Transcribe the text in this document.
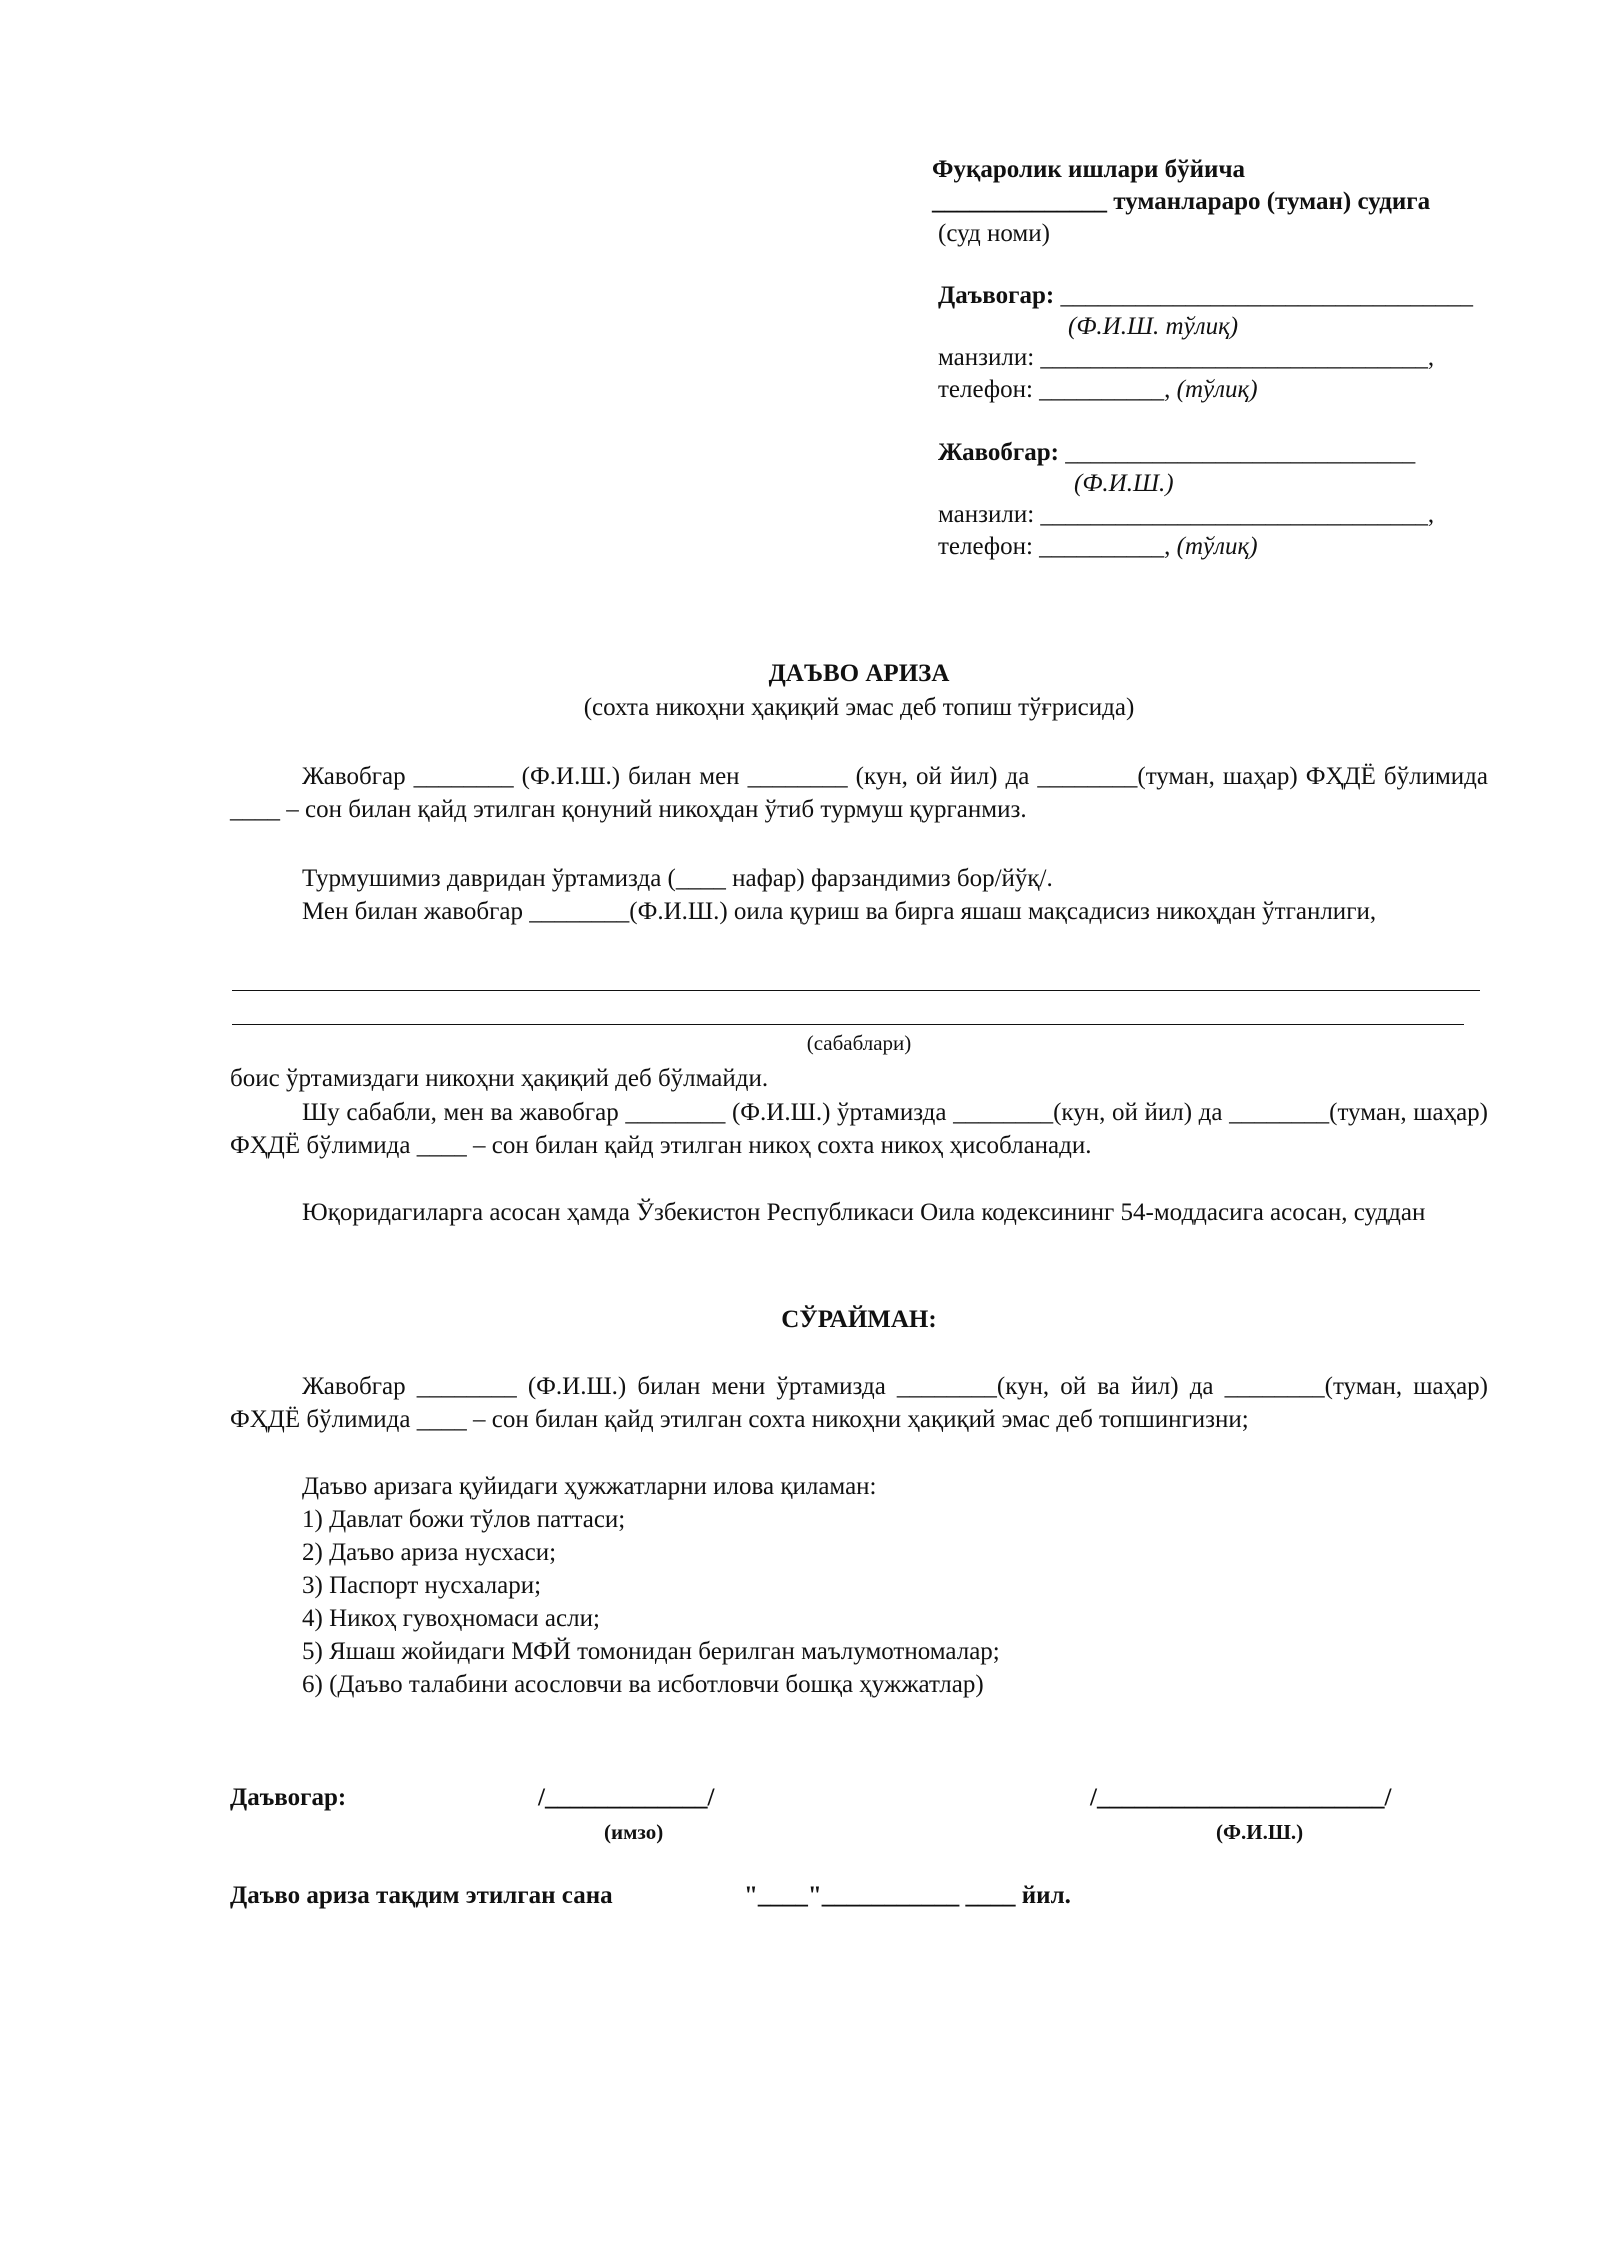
Фуқаролик ишлари бўйича
______________ туманлараро (туман) судига
(суд номи)
Даъвогар: _________________________________
(Ф.И.Ш. тўлиқ)
манзили: _______________________________,
телефон: __________, (тўлиқ)
Жавобгар: ____________________________
(Ф.И.Ш.)
манзили: _______________________________,
телефон: __________, (тўлиқ)
ДАЪВО АРИЗА
(сохта никоҳни ҳақиқий эмас деб топиш тўғрисида)
Жавобгар ________ (Ф.И.Ш.) билан мен ________ (кун, ой йил) да ________(туман, шаҳар) ФҲДЁ бўлимида ____ – сон билан қайд этилган қонуний никоҳдан ўтиб турмуш қурганмиз.
Турмушимиз давридан ўртамизда (____ нафар) фарзандимиз бор/йўқ/.
Мен билан жавобгар ________(Ф.И.Ш.) оила қуриш ва бирга яшаш мақсадисиз никоҳдан ўтганлиги,
(сабаблари)
боис ўртамиздаги никоҳни ҳақиқий деб бўлмайди.
Шу сабабли, мен ва жавобгар ________ (Ф.И.Ш.) ўртамизда ________(кун, ой йил) да ________(туман, шаҳар) ФҲДЁ бўлимида ____ – сон билан қайд этилган никоҳ сохта никоҳ ҳисобланади.
Юқоридагиларга асосан ҳамда Ўзбекистон Республикаси Оила кодексининг 54-моддасига асосан, суддан
СЎРАЙМАН:
Жавобгар ________ (Ф.И.Ш.) билан мени ўртамизда ________(кун, ой ва йил) да ________(туман, шаҳар) ФҲДЁ бўлимида ____ – сон билан қайд этилган сохта никоҳни ҳақиқий эмас деб топшингизни;
Даъво аризага қуйидаги ҳужжатларни илова қиламан:
1) Давлат божи тўлов паттаси;
2) Даъво ариза нусхаси;
3) Паспорт нусхалари;
4) Никоҳ гувоҳномаси асли;
5) Яшаш жойидаги МФЙ томонидан берилган маълумотномалар;
6) (Даъво талабини асословчи ва исботловчи бошқа ҳужжатлар)
Даъвогар:	/_____________/
(имзо)
/_______________________/
(Ф.И.Ш.)
Даъво ариза тақдим этилган сана	"____"___________ ____ йил.
